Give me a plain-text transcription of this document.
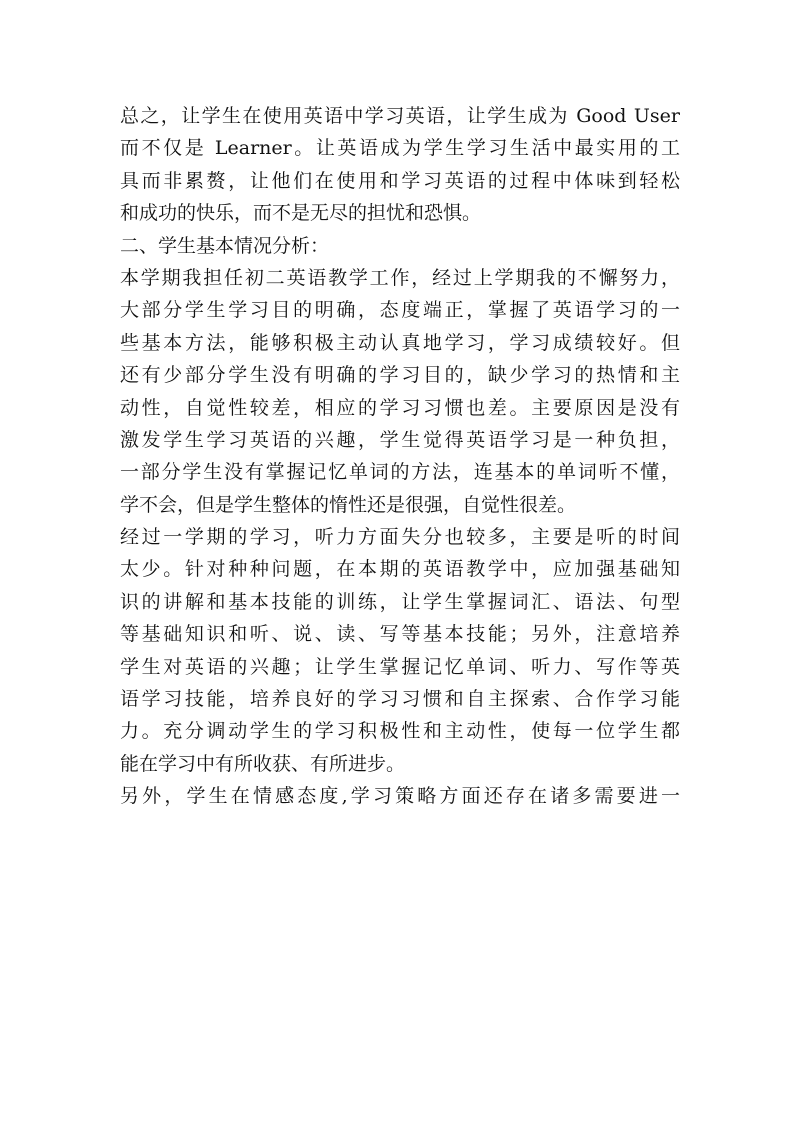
总之，让学生在使用英语中学习英语，让学生成为 Good User
而不仅是 Learner。让英语成为学生学习生活中最实用的工
具而非累赘，让他们在使用和学习英语的过程中体味到轻松
和成功的快乐，而不是无尽的担忧和恐惧。
二、学生基本情况分析：
本学期我担任初二英语教学工作，经过上学期我的不懈努力，
大部分学生学习目的明确，态度端正，掌握了英语学习的一
些基本方法，能够积极主动认真地学习，学习成绩较好。但
还有少部分学生没有明确的学习目的，缺少学习的热情和主
动性，自觉性较差，相应的学习习惯也差。主要原因是没有
激发学生学习英语的兴趣，学生觉得英语学习是一种负担，
一部分学生没有掌握记忆单词的方法，连基本的单词听不懂，
学不会，但是学生整体的惰性还是很强，自觉性很差。
经过一学期的学习，听力方面失分也较多，主要是听的时间
太少。针对种种问题，在本期的英语教学中，应加强基础知
识的讲解和基本技能的训练，让学生掌握词汇、语法、句型
等基础知识和听、说、读、写等基本技能；另外，注意培养
学生对英语的兴趣；让学生掌握记忆单词、听力、写作等英
语学习技能，培养良好的学习习惯和自主探索、合作学习能
力。充分调动学生的学习积极性和主动性，使每一位学生都
能在学习中有所收获、有所进步。
另外，学生在情感态度,学习策略方面还存在诸多需要进一
